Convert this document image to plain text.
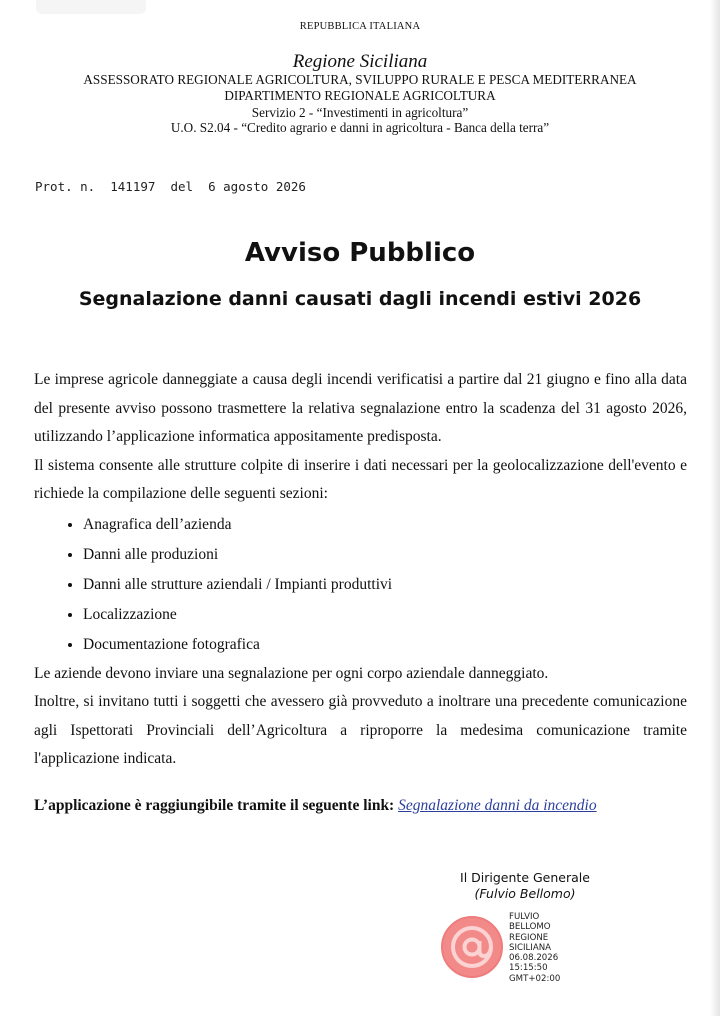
REPUBBLICA ITALIANA
Regione Siciliana
ASSESSORATO REGIONALE AGRICOLTURA, SVILUPPO RURALE E PESCA MEDITERRANEA
DIPARTIMENTO REGIONALE AGRICOLTURA
Servizio 2 - “Investimenti in agricoltura”
U.O. S2.04 - “Credito agrario e danni in agricoltura - Banca della terra”
Prot. n.  141197  del  6 agosto 2026
Avviso Pubblico
Segnalazione danni causati dagli incendi estivi 2026

Le imprese agricole danneggiate a causa degli incendi verificatisi a partire dal 21 giugno e fino alla data del presente avviso possono trasmettere la relativa segnalazione entro la scadenza del 31 agosto 2026, utilizzando l’applicazione informatica appositamente predisposta.

Il sistema consente alle strutture colpite di inserire i dati necessari per la geolocalizzazione dell'evento e richiede la compilazione delle seguenti sezioni:

• Anagrafica dell’azienda
• Danni alle produzioni
• Danni alle strutture aziendali / Impianti produttivi
• Localizzazione
• Documentazione fotografica

Le aziende devono inviare una segnalazione per ogni corpo aziendale danneggiato.

Inoltre, si invitano tutti i soggetti che avessero già provveduto a inoltrare una precedente comunicazione agli Ispettorati Provinciali dell’Agricoltura a riproporre la medesima comunicazione tramite l'applicazione indicata.

L’applicazione è raggiungibile tramite il seguente link: Segnalazione danni da incendio
Il Dirigente Generale
(Fulvio Bellomo)
FULVIO
BELLOMO
REGIONE
SICILIANA
06.08.2026
15:15:50
GMT+02:00
